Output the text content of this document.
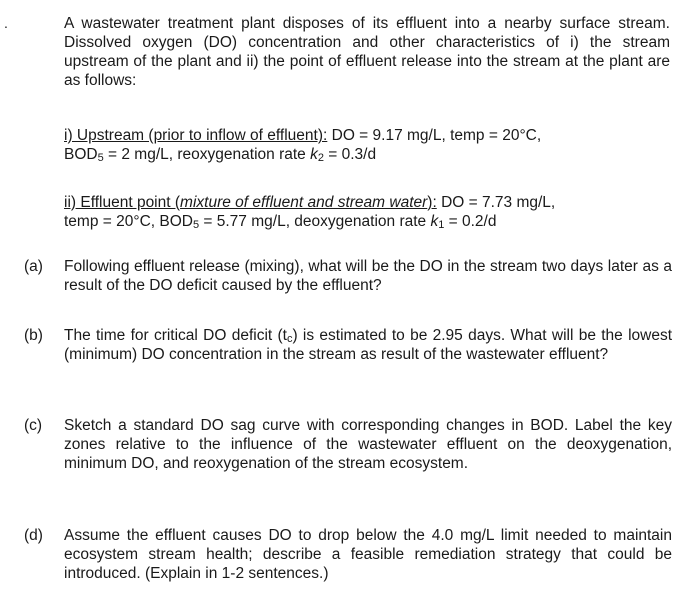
.	A wastewater treatment plant disposes of its effluent into a nearby surface stream. Dissolved oxygen (DO) concentration and other characteristics of i) the stream upstream of the plant and ii) the point of effluent release into the stream at the plant are as follows:
i) Upstream (prior to inflow of effluent): DO = 9.17 mg/L, temp = 20°C,
$BOD_5 = 2$ mg/L, reoxygenation rate $k_2 = 0.3/d$
ii) Effluent point (mixture of effluent and stream water): DO = 7.73 mg/L,
temp = 20°C, $BOD_5 = 5.77$ mg/L, deoxygenation rate $k_1 = 0.2/d$
(a) Following effluent release (mixing), what will be the DO in the stream two days later as a result of the DO deficit caused by the effluent?
(b) The time for critical DO deficit $(t_c)$ is estimated to be 2.95 days. What will be the lowest (minimum) DO concentration in the stream as result of the wastewater effluent?
(c) Sketch a standard DO sag curve with corresponding changes in BOD. Label the key zones relative to the influence of the wastewater effluent on the deoxygenation, minimum DO, and reoxygenation of the stream ecosystem.
(d) Assume the effluent causes DO to drop below the 4.0 mg/L limit needed to maintain ecosystem stream health; describe a feasible remediation strategy that could be introduced. (Explain in 1-2 sentences.)
